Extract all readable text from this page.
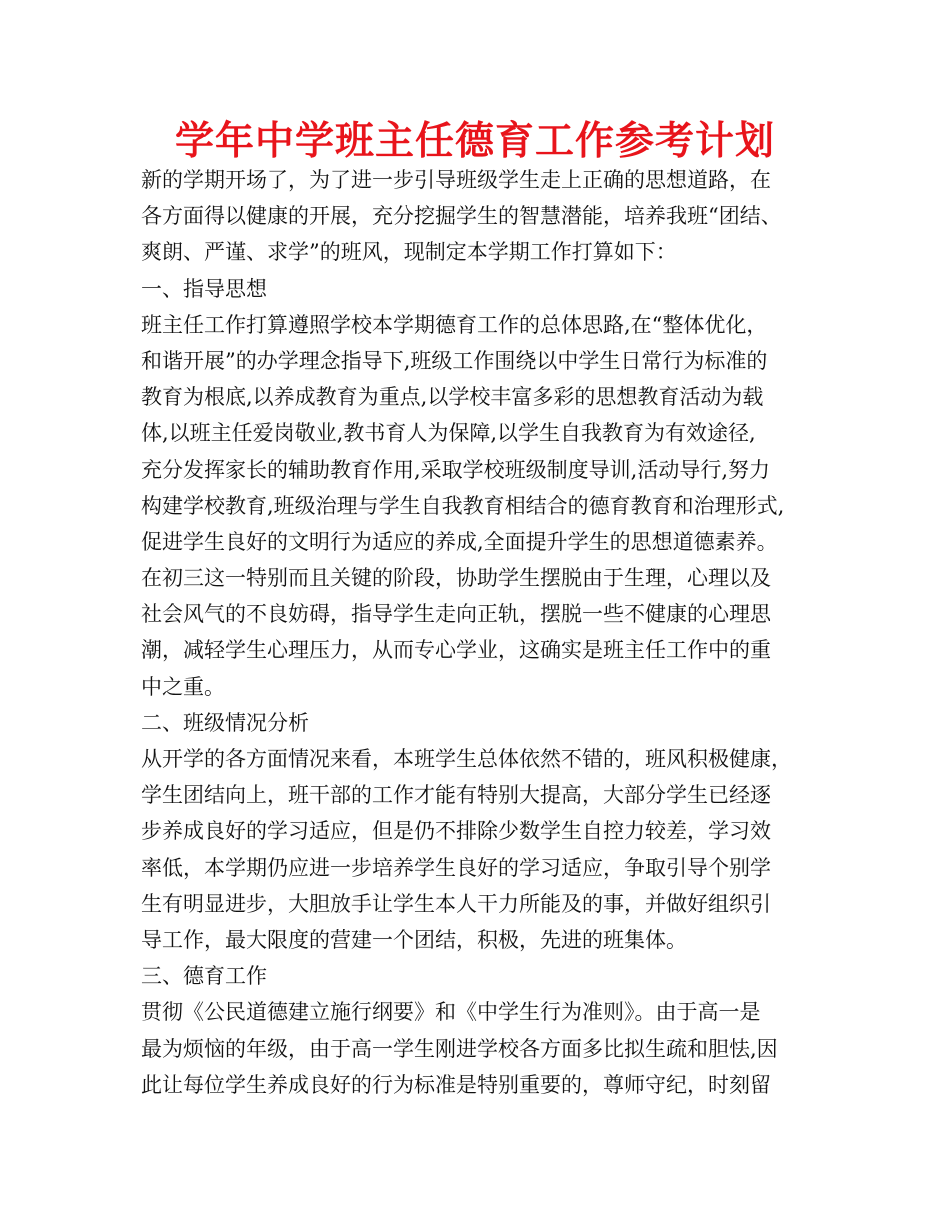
学年中学班主任德育工作参考计划
新的学期开场了，为了进一步引导班级学生走上正确的思想道路，在
各方面得以健康的开展，充分挖掘学生的智慧潜能，培养我班“团结、
爽朗、严谨、求学”的班风，现制定本学期工作打算如下：
一、指导思想
班主任工作打算遵照学校本学期德育工作的总体思路,在“整体优化，
和谐开展”的办学理念指导下,班级工作围绕以中学生日常行为标准的
教育为根底,以养成教育为重点,以学校丰富多彩的思想教育活动为载
体,以班主任爱岗敬业,教书育人为保障,以学生自我教育为有效途径,
充分发挥家长的辅助教育作用,采取学校班级制度导训,活动导行,努力
构建学校教育,班级治理与学生自我教育相结合的德育教育和治理形式,
促进学生良好的文明行为适应的养成,全面提升学生的思想道德素养。
在初三这一特别而且关键的阶段，协助学生摆脱由于生理，心理以及
社会风气的不良妨碍，指导学生走向正轨，摆脱一些不健康的心理思
潮，减轻学生心理压力，从而专心学业，这确实是班主任工作中的重
中之重。
二、班级情况分析
从开学的各方面情况来看，本班学生总体依然不错的，班风积极健康，
学生团结向上，班干部的工作才能有特别大提高，大部分学生已经逐
步养成良好的学习适应，但是仍不排除少数学生自控力较差，学习效
率低，本学期仍应进一步培养学生良好的学习适应，争取引导个别学
生有明显进步，大胆放手让学生本人干力所能及的事，并做好组织引
导工作，最大限度的营建一个团结，积极，先进的班集体。
三、德育工作
贯彻《公民道德建立施行纲要》和《中学生行为准则》。由于高一是
最为烦恼的年级，由于高一学生刚进学校各方面多比拟生疏和胆怯,因
此让每位学生养成良好的行为标准是特别重要的，尊师守纪，时刻留
